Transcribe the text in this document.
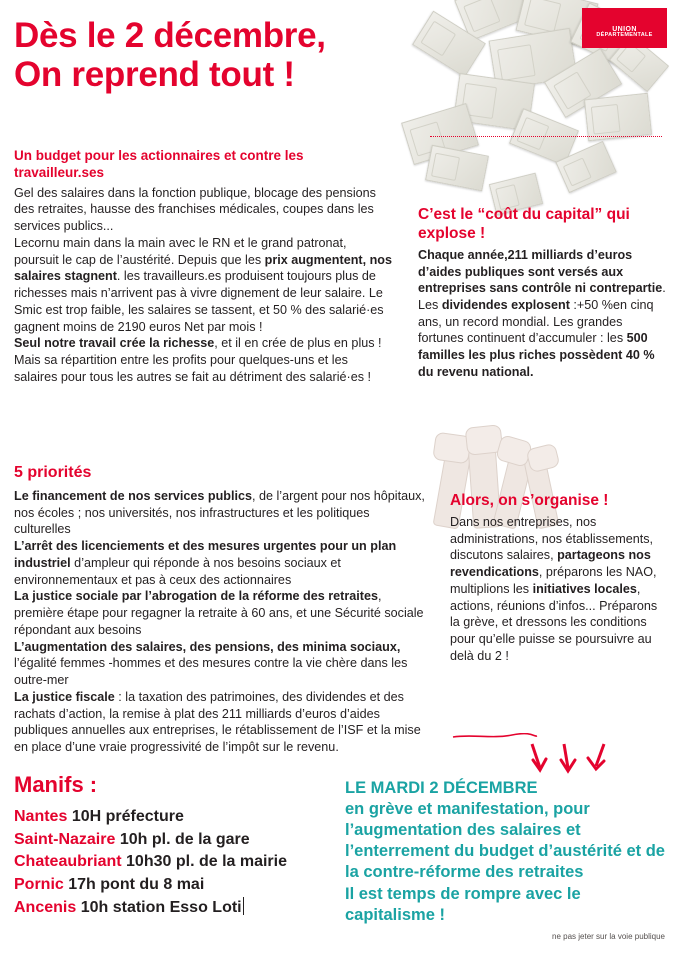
UNION
DÉPARTEMENTALE
Dès le 2 décembre,
On reprend tout !
Un budget pour les actionnaires et contre les travailleur.ses

Gel des salaires dans la fonction publique, blocage des pensions des retraites, hausse des franchises médicales, coupes dans les services publics...

Lecornu main dans la main avec le RN et le grand patronat, poursuit le cap de l’austérité. Depuis que les prix augmentent, nos salaires stagnent. les travailleurs.es produisent toujours plus de richesses mais n’arrivent pas à vivre dignement de leur salaire. Le Smic est trop faible, les salaires se tassent, et 50 % des salarié·es gagnent moins de 2190 euros Net par mois !

Seul notre travail crée la richesse, et il en crée de plus en plus ! Mais sa répartition entre les profits pour quelques-uns et les salaires pour tous les autres se fait au détriment des salarié·es !

C’est le “coût du capital” qui explose !

Chaque année,211 milliards d’euros d’aides publiques sont versés aux entreprises sans contrôle ni contrepartie. Les dividendes explosent :+50 %en cinq ans, un record mondial. Les grandes fortunes continuent d’accumuler : les 500 familles les plus riches possèdent 40 % du revenu national.

5 priorités

Le financement de nos services publics, de l’argent pour nos hôpitaux, nos écoles ; nos universités, nos infrastructures et les politiques culturelles

L’arrêt des licenciements et des mesures urgentes pour un plan industriel d’ampleur qui réponde à nos besoins sociaux et environnementaux et pas à ceux des actionnaires

La justice sociale par l’abrogation de la réforme des retraites, première étape pour regagner la retraite à 60 ans, et une Sécurité sociale répondant aux besoins

L’augmentation des salaires, des pensions, des minima sociaux, l’égalité femmes -hommes et des mesures contre la vie chère dans les outre-mer

La justice fiscale : la taxation des patrimoines, des dividendes et des rachats d’action, la remise à plat des 211 milliards d’euros d’aides publiques annuelles aux entreprises, le rétablissement de l’ISF et la mise en place d’une vraie progressivité de l’impôt sur le revenu.

Alors, on s’organise !

Dans nos entreprises, nos administrations, nos établissements, discutons salaires, partageons nos revendications, préparons les NAO, multiplions les initiatives locales, actions, réunions d’infos... Préparons la grève, et dressons les conditions pour qu’elle puisse se poursuivre au delà du 2 !

Manifs :
Nantes 10H préfecture
Saint-Nazaire 10h pl. de la gare
Chateaubriant 10h30 pl. de la mairie
Pornic 17h pont du 8 mai
Ancenis 10h station Esso Loti

LE MARDI 2 DÉCEMBRE

en grève et manifestation, pour l’augmentation des salaires et l’enterrement du budget d’austérité et de la contre-réforme des retraites

Il est temps de rompre avec le capitalisme !

ne pas jeter sur la voie publique
